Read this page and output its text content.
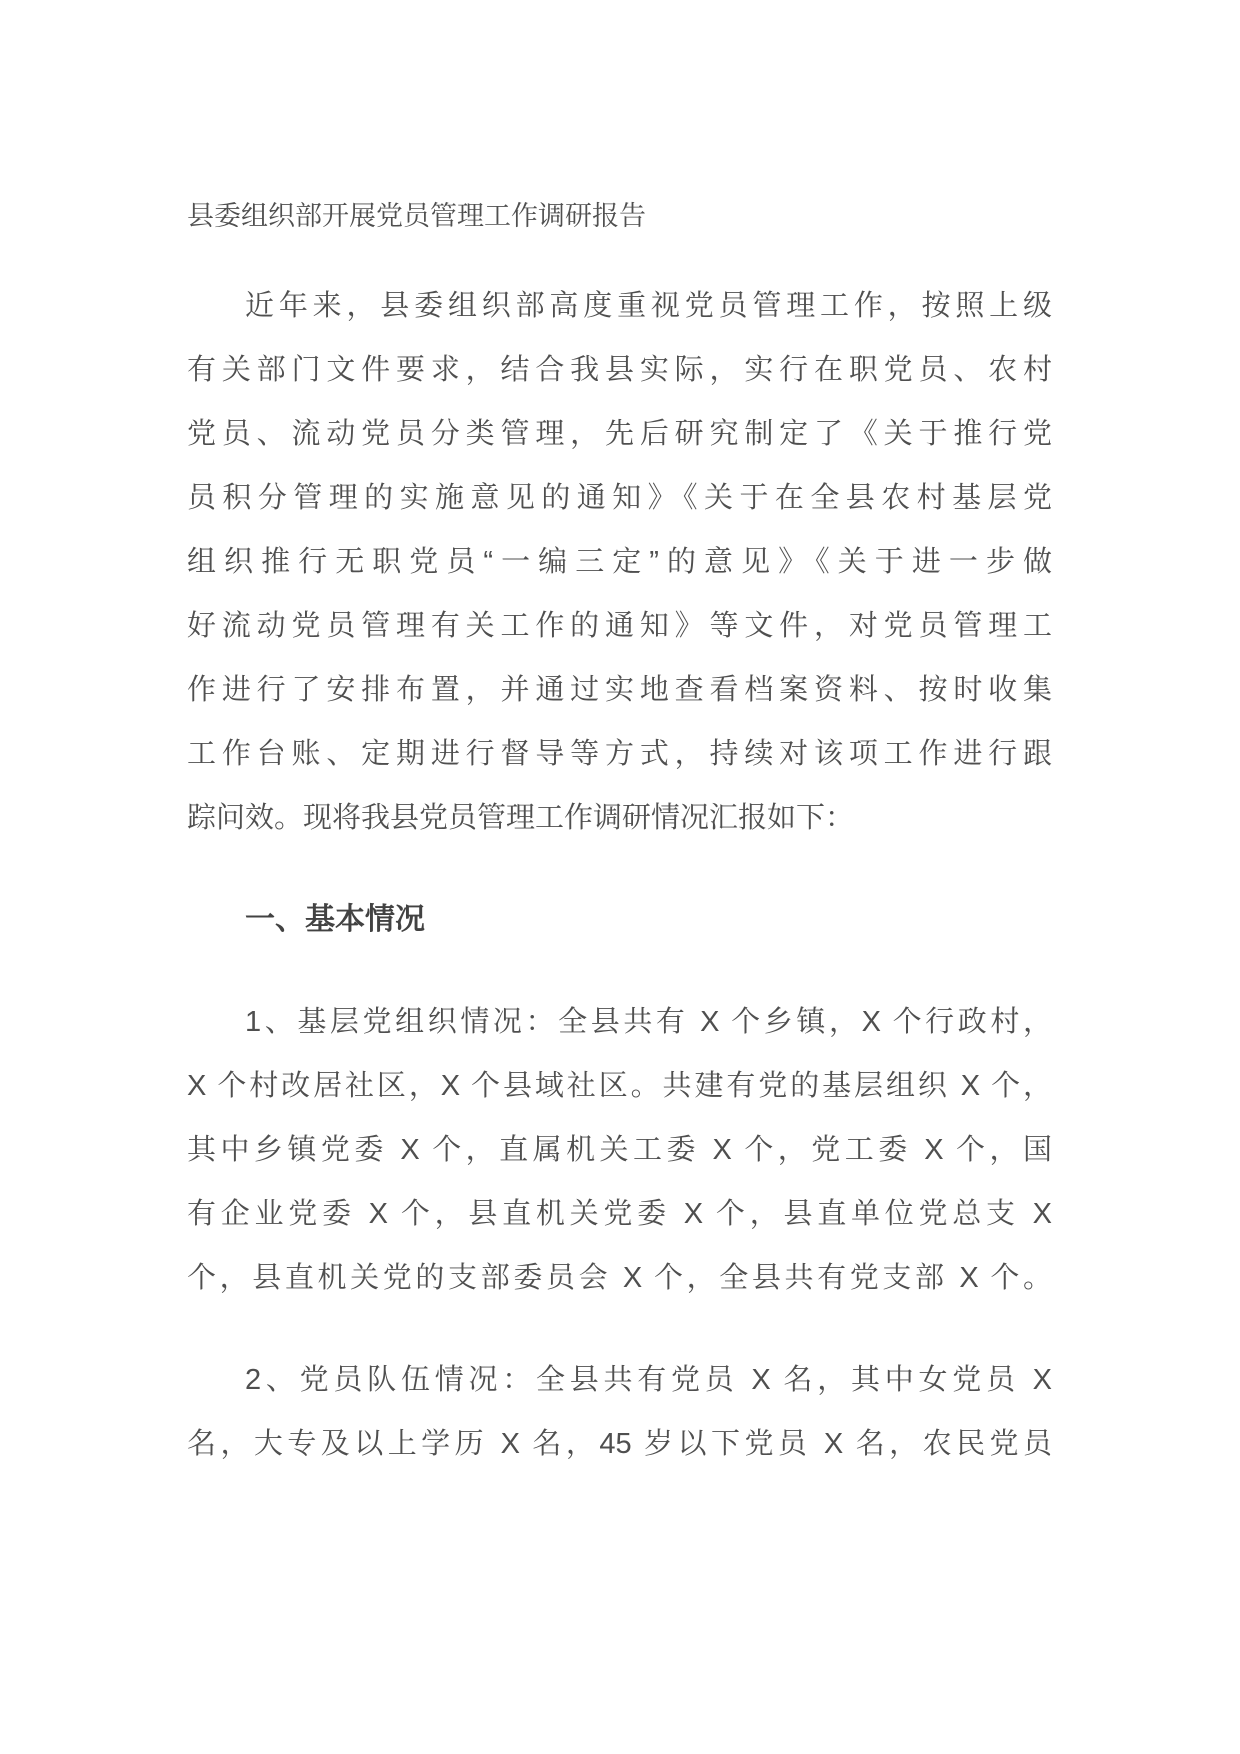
县委组织部开展党员管理工作调研报告
近年来，县委组织部高度重视党员管理工作，按照上级
有关部门文件要求，结合我县实际，实行在职党员、农村
党员、流动党员分类管理，先后研究制定了《关于推行党
员积分管理的实施意见的通知》《关于在全县农村基层党
组织推行无职党员“一编三定”的意见》《关于进一步做
好流动党员管理有关工作的通知》等文件，对党员管理工
作进行了安排布置，并通过实地查看档案资料、按时收集
工作台账、定期进行督导等方式，持续对该项工作进行跟
踪问效。现将我县党员管理工作调研情况汇报如下：
一、基本情况
1、基层党组织情况：全县共有 X 个乡镇，X 个行政村，
X 个村改居社区，X 个县域社区。共建有党的基层组织 X 个，
其中乡镇党委 X 个，直属机关工委 X 个，党工委 X 个，国
有企业党委 X 个，县直机关党委 X 个，县直单位党总支 X
个，县直机关党的支部委员会 X 个，全县共有党支部 X 个。
2、党员队伍情况：全县共有党员 X 名，其中女党员 X
名，大专及以上学历 X 名，45 岁以下党员 X 名，农民党员
